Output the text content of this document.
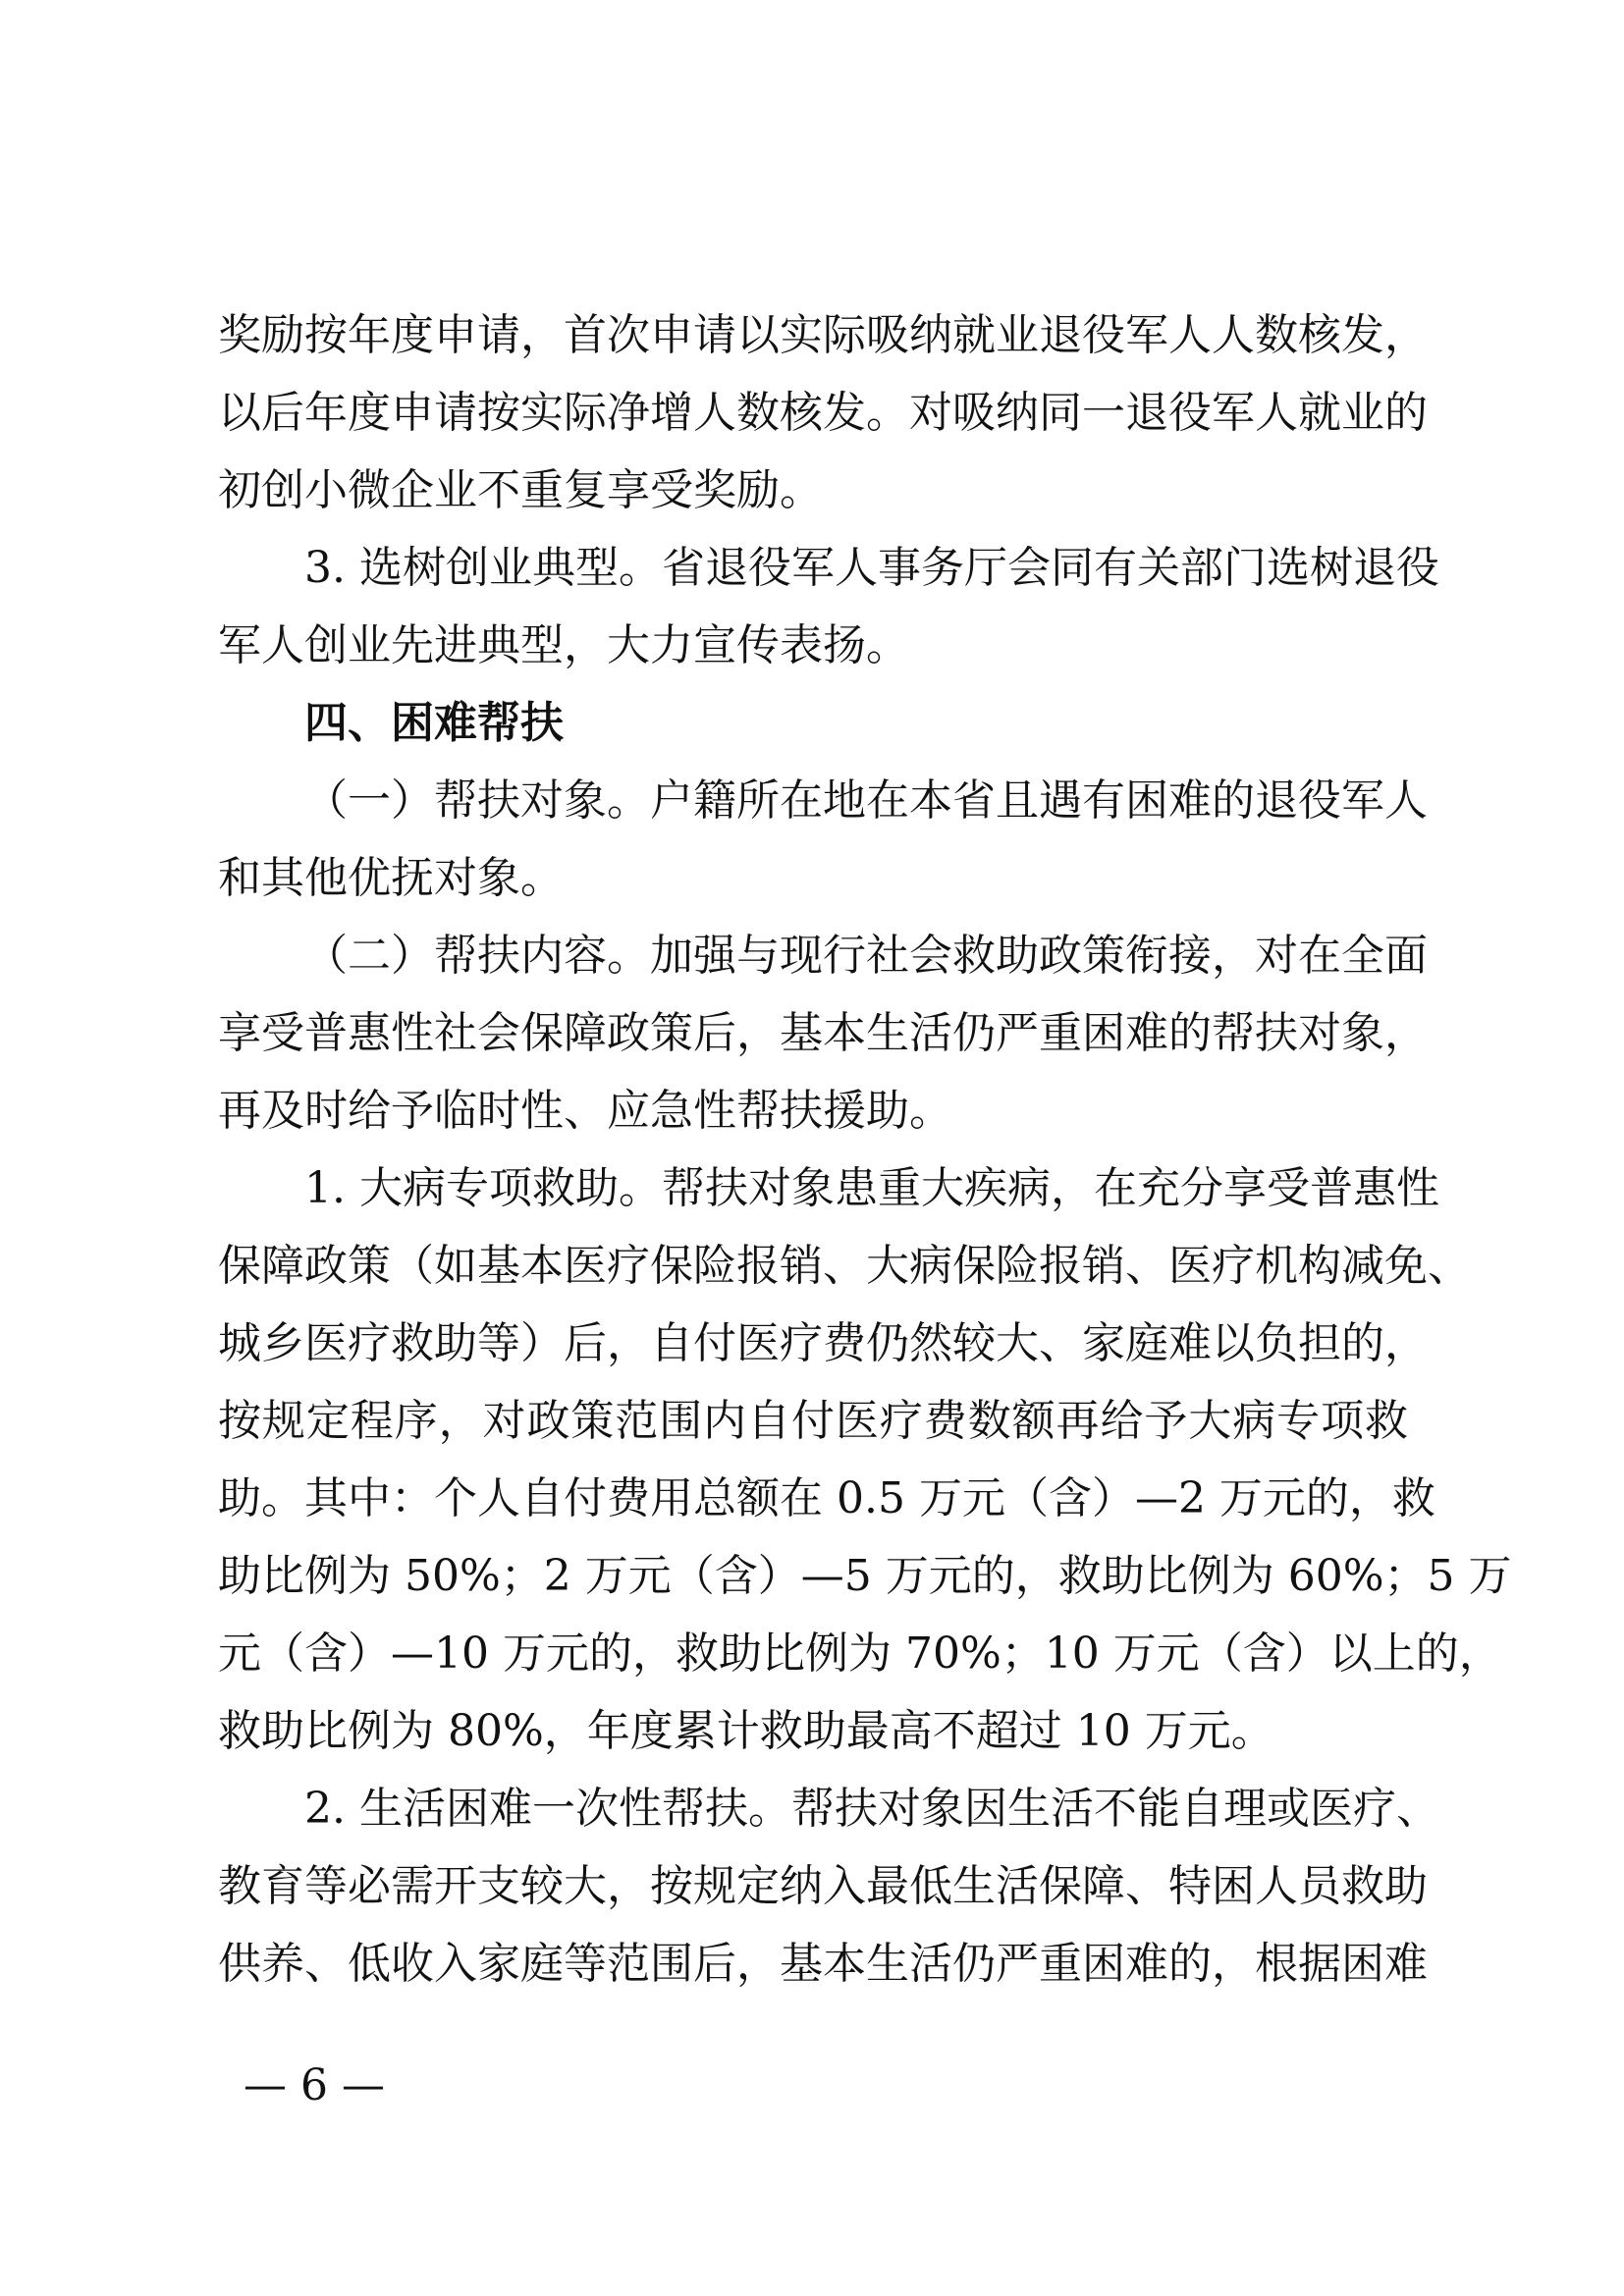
奖励按年度申请，首次申请以实际吸纳就业退役军人人数核发，
以后年度申请按实际净增人数核发。对吸纳同一退役军人就业的
初创小微企业不重复享受奖励。
3. 选树创业典型。省退役军人事务厅会同有关部门选树退役
军人创业先进典型，大力宣传表扬。
四、困难帮扶
（一）帮扶对象。户籍所在地在本省且遇有困难的退役军人
和其他优抚对象。
（二）帮扶内容。加强与现行社会救助政策衔接，对在全面
享受普惠性社会保障政策后，基本生活仍严重困难的帮扶对象，
再及时给予临时性、应急性帮扶援助。
1. 大病专项救助。帮扶对象患重大疾病，在充分享受普惠性
保障政策（如基本医疗保险报销、大病保险报销、医疗机构减免、
城乡医疗救助等）后，自付医疗费仍然较大、家庭难以负担的，
按规定程序，对政策范围内自付医疗费数额再给予大病专项救
助。其中：个人自付费用总额在 0.5 万元（含）—2 万元的，救
助比例为 50%；2 万元（含）—5 万元的，救助比例为 60%；5 万
元（含）—10 万元的，救助比例为 70%；10 万元（含）以上的，
救助比例为 80%，年度累计救助最高不超过 10 万元。
2. 生活困难一次性帮扶。帮扶对象因生活不能自理或医疗、
教育等必需开支较大，按规定纳入最低生活保障、特困人员救助
供养、低收入家庭等范围后，基本生活仍严重困难的，根据困难
— 6 —
